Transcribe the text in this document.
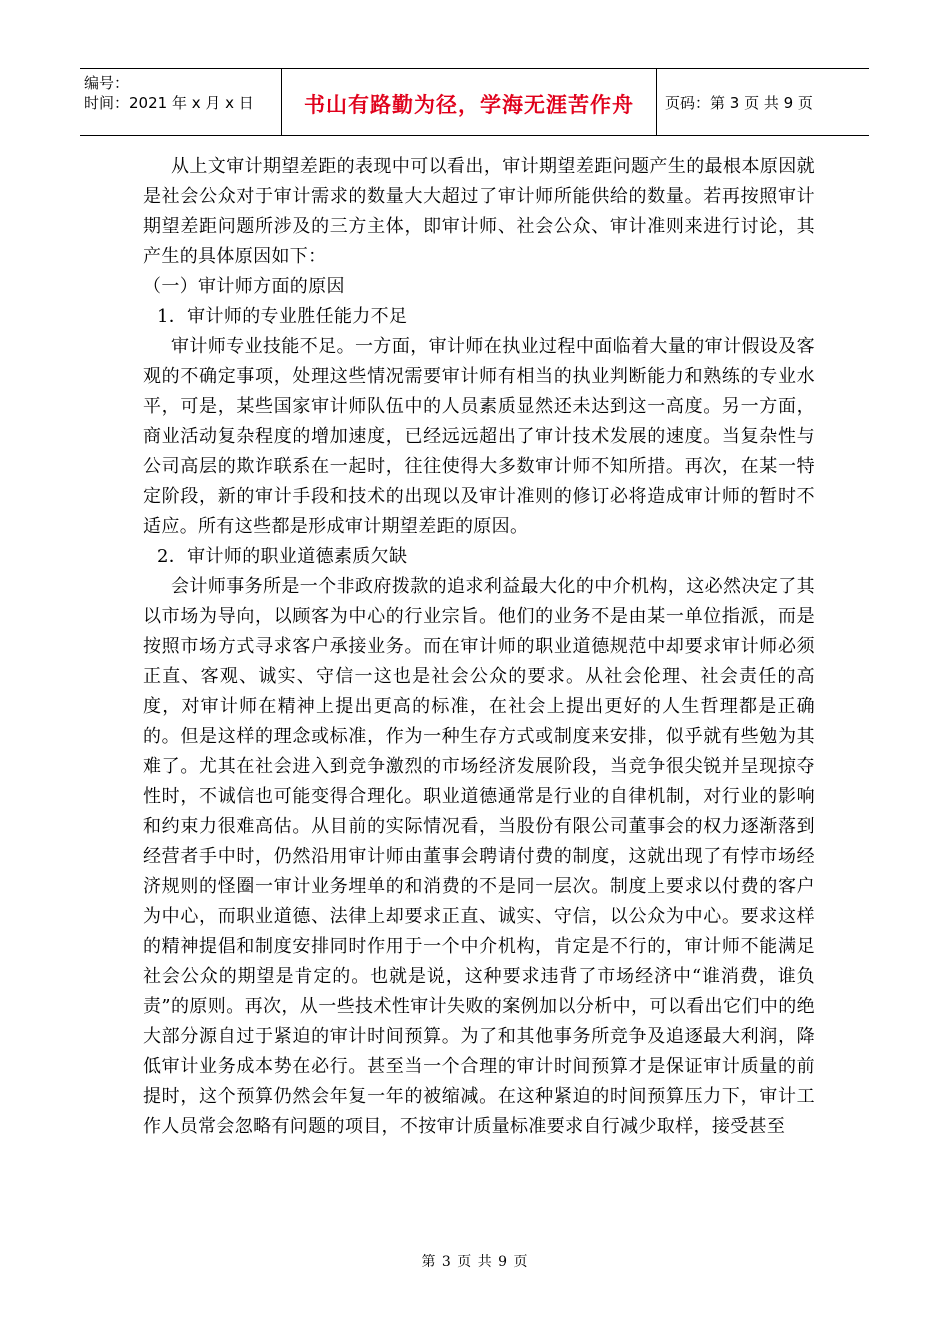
编号：
时间：2021 年 x 月 x 日	书山有路勤为径，学海无涯苦作舟 页码：第 3 页 共 9 页

从上文审计期望差距的表现中可以看出，审计期望差距问题产生的最根本原因就是社会公众对于审计需求的数量大大超过了审计师所能供给的数量。若再按照审计期望差距问题所涉及的三方主体，即审计师、社会公众、审计准则来进行讨论，其产生的具体原因如下：

（一）审计师方面的原因

1．审计师的专业胜任能力不足

审计师专业技能不足。一方面，审计师在执业过程中面临着大量的审计假设及客观的不确定事项，处理这些情况需要审计师有相当的执业判断能力和熟练的专业水平，可是，某些国家审计师队伍中的人员素质显然还未达到这一高度。另一方面，商业活动复杂程度的增加速度，已经远远超出了审计技术发展的速度。当复杂性与公司高层的欺诈联系在一起时，往往使得大多数审计师不知所措。再次，在某一特定阶段，新的审计手段和技术的出现以及审计准则的修订必将造成审计师的暂时不适应。所有这些都是形成审计期望差距的原因。

2．审计师的职业道德素质欠缺

会计师事务所是一个非政府拨款的追求利益最大化的中介机构，这必然决定了其以市场为导向，以顾客为中心的行业宗旨。他们的业务不是由某一单位指派，而是按照市场方式寻求客户承接业务。而在审计师的职业道德规范中却要求审计师必须正直、客观、诚实、守信一这也是社会公众的要求。从社会伦理、社会责任的高度，对审计师在精神上提出更高的标准，在社会上提出更好的人生哲理都是正确的。但是这样的理念或标准，作为一种生存方式或制度来安排，似乎就有些勉为其难了。尤其在社会进入到竞争激烈的市场经济发展阶段，当竞争很尖锐并呈现掠夺性时，不诚信也可能变得合理化。职业道德通常是行业的自律机制，对行业的影响和约束力很难高估。从目前的实际情况看，当股份有限公司董事会的权力逐渐落到经营者手中时，仍然沿用审计师由董事会聘请付费的制度，这就出现了有悖市场经济规则的怪圈一审计业务埋单的和消费的不是同一层次。制度上要求以付费的客户为中心，而职业道德、法律上却要求正直、诚实、守信，以公众为中心。要求这样的精神提倡和制度安排同时作用于一个中介机构，肯定是不行的，审计师不能满足社会公众的期望是肯定的。也就是说，这种要求违背了市场经济中“谁消费，谁负责”的原则。再次，从一些技术性审计失败的案例加以分析中，可以看出它们中的绝大部分源自过于紧迫的审计时间预算。为了和其他事务所竞争及追逐最大利润，降低审计业务成本势在必行。甚至当一个合理的审计时间预算才是保证审计质量的前提时，这个预算仍然会年复一年的被缩减。在这种紧迫的时间预算压力下，审计工作人员常会忽略有问题的项目，不按审计质量标准要求自行减少取样，接受甚至

第 3 页 共 9 页
